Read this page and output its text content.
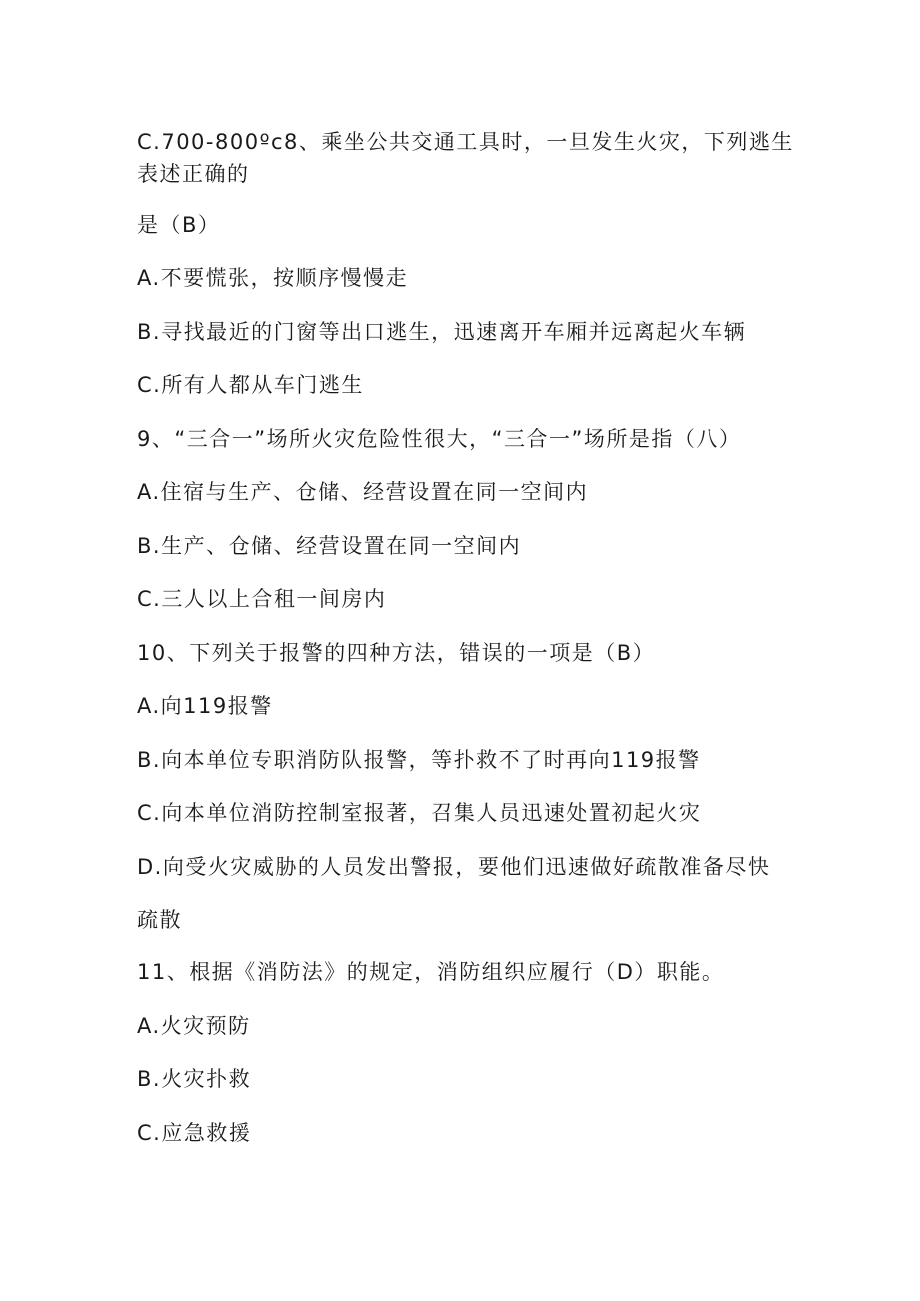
C.700-800ºc8、乘坐公共交通工具时，一旦发生火灾，下列逃生表述正确的
是（B）
A.不要慌张，按顺序慢慢走
B.寻找最近的门窗等出口逃生，迅速离开车厢并远离起火车辆
C.所有人都从车门逃生
9、“三合一”场所火灾危险性很大，“三合一”场所是指（八）
A.住宿与生产、仓储、经营设置在同一空间内
B.生产、仓储、经营设置在同一空间内
C.三人以上合租一间房内
10、下列关于报警的四种方法，错误的一项是（B）
A.向119报警
B.向本单位专职消防队报警，等扑救不了时再向119报警
C.向本单位消防控制室报著，召集人员迅速处置初起火灾
D.向受火灾威胁的人员发出警报，要他们迅速做好疏散准备尽快
疏散
11、根据《消防法》的规定，消防组织应履行（D）职能。
A.火灾预防
B.火灾扑救
C.应急救援
